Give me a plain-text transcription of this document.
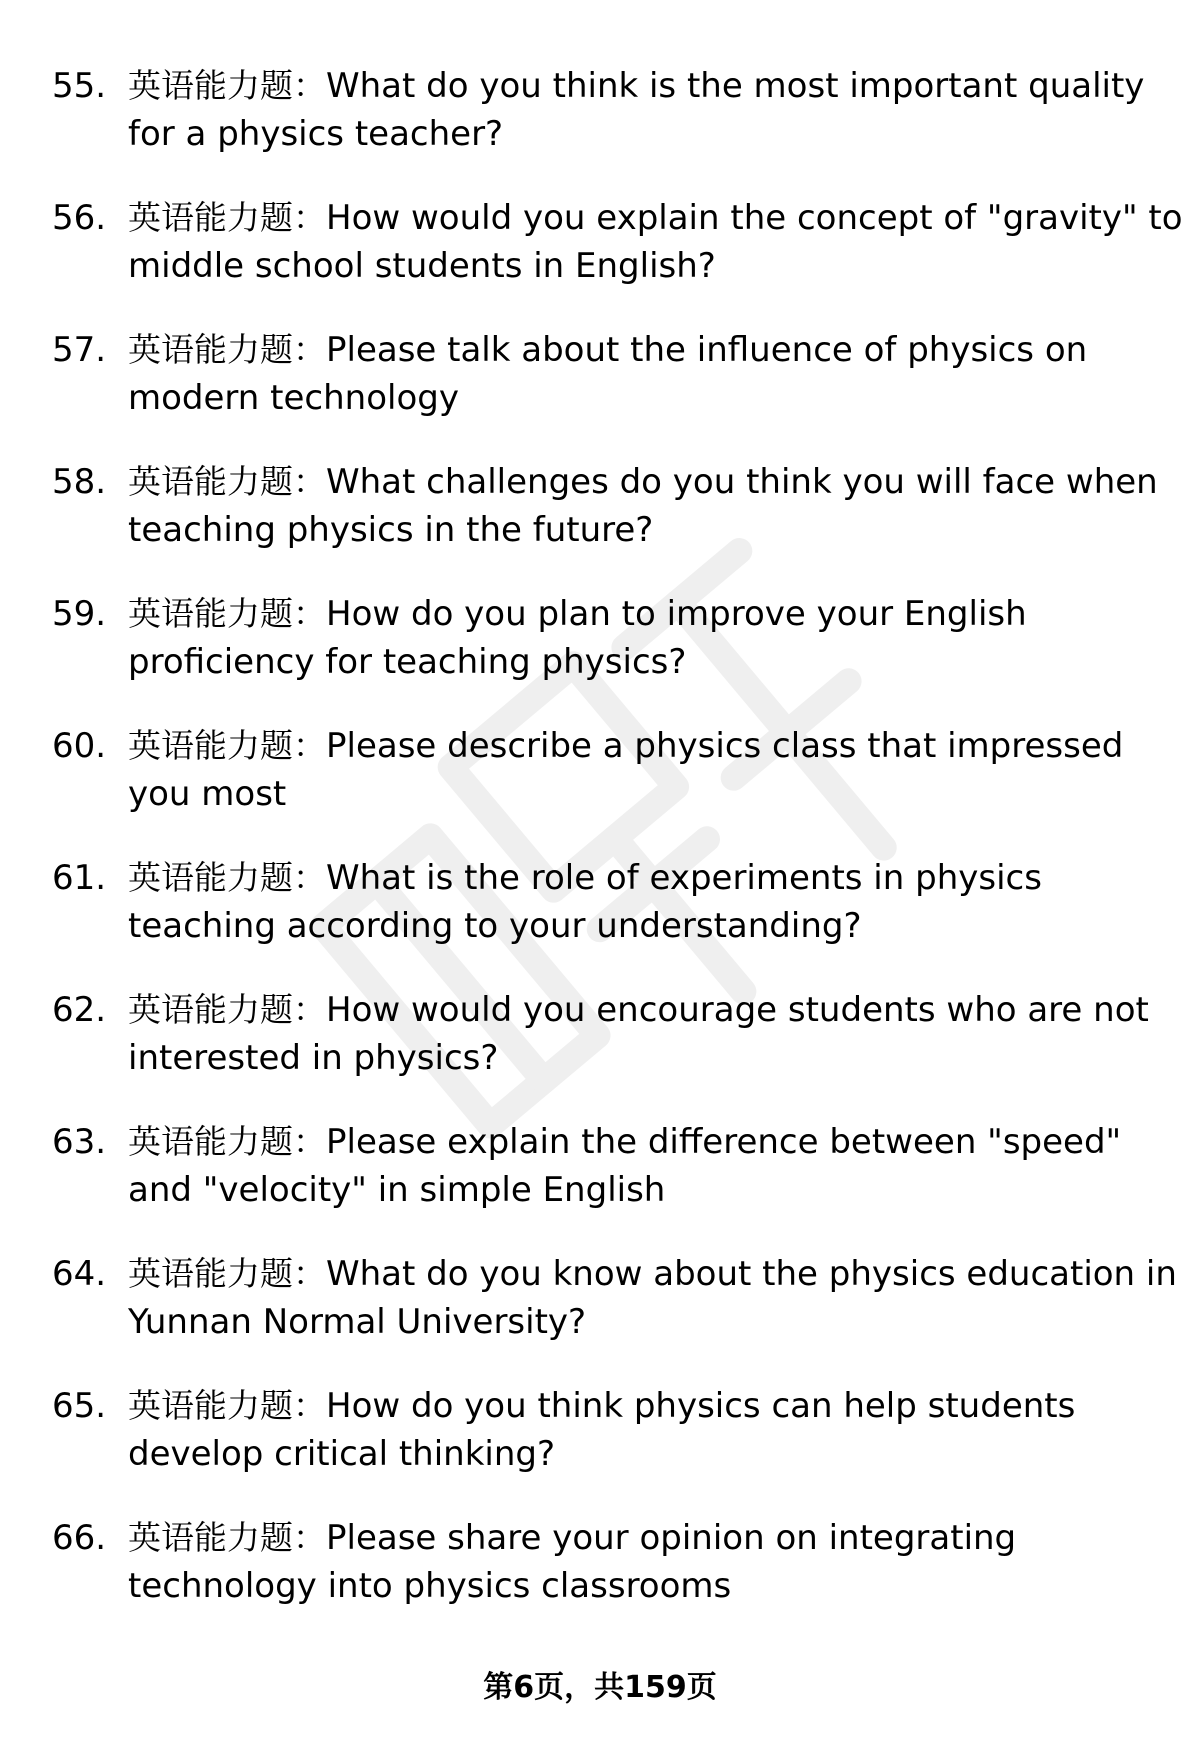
55. 英语能力题：What do you think is the most important quality for a physics teacher?
56. 英语能力题：How would you explain the concept of "gravity" to middle school students in English?
57. 英语能力题：Please talk about the influence of physics on modern technology
58. 英语能力题：What challenges do you think you will face when teaching physics in the future?
59. 英语能力题：How do you plan to improve your English proficiency for teaching physics?
60. 英语能力题：Please describe a physics class that impressed you most
61. 英语能力题：What is the role of experiments in physics teaching according to your understanding?
62. 英语能力题：How would you encourage students who are not interested in physics?
63. 英语能力题：Please explain the difference between "speed" and "velocity" in simple English
64. 英语能力题：What do you know about the physics education in Yunnan Normal University?
65. 英语能力题：How do you think physics can help students develop critical thinking?
66. 英语能力题：Please share your opinion on integrating technology into physics classrooms
第6页，共159页
